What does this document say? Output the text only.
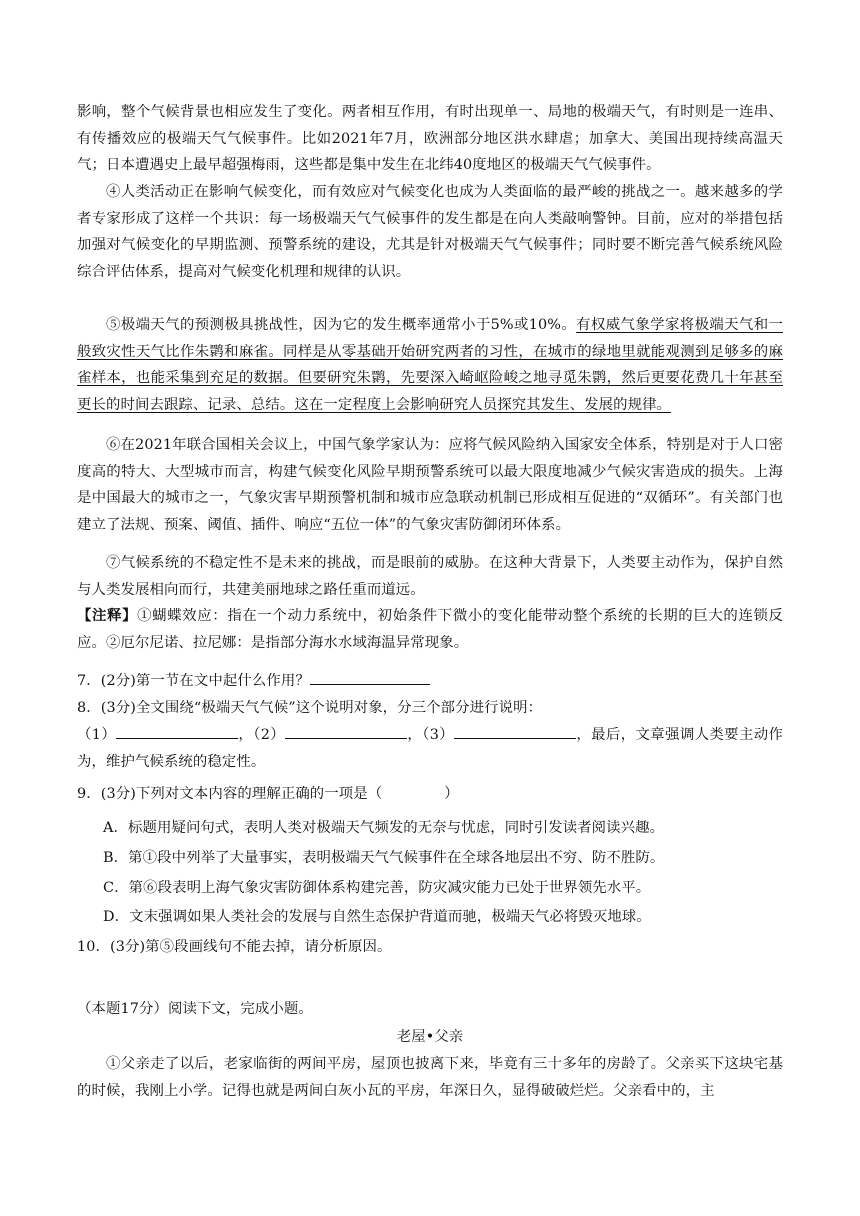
影响，整个气候背景也相应发生了变化。两者相互作用，有时出现单一、局地的极端天气，有时则是一连串、有传播效应的极端天气气候事件。比如2021年7月，欧洲部分地区洪水肆虐；加拿大、美国出现持续高温天气；日本遭遇史上最早超强梅雨，这些都是集中发生在北纬40度地区的极端天气气候事件。

④人类活动正在影响气候变化，而有效应对气候变化也成为人类面临的最严峻的挑战之一。越来越多的学者专家形成了这样一个共识：每一场极端天气气候事件的发生都是在向人类敲响警钟。目前，应对的举措包括加强对气候变化的早期监测、预警系统的建设，尤其是针对极端天气气候事件；同时要不断完善气候系统风险综合评估体系，提高对气候变化机理和规律的认识。

⑤极端天气的预测极具挑战性，因为它的发生概率通常小于5%或10%。有权威气象学家将极端天气和一般致灾性天气比作朱鹮和麻雀。同样是从零基础开始研究两者的习性，在城市的绿地里就能观测到足够多的麻雀样本，也能采集到充足的数据。但要研究朱鹮，先要深入崎岖险峻之地寻觅朱鹮，然后更要花费几十年甚至更长的时间去跟踪、记录、总结。这在一定程度上会影响研究人员探究其发生、发展的规律。

⑥在2021年联合国相关会议上，中国气象学家认为：应将气候风险纳入国家安全体系，特别是对于人口密度高的特大、大型城市而言，构建气候变化风险早期预警系统可以最大限度地减少气候灾害造成的损失。上海是中国最大的城市之一，气象灾害早期预警机制和城市应急联动机制已形成相互促进的“双循环”。有关部门也建立了法规、预案、阈值、插件、响应“五位一体”的气象灾害防御闭环体系。

⑦气候系统的不稳定性不是未来的挑战，而是眼前的威胁。在这种大背景下，人类要主动作为，保护自然与人类发展相向而行，共建美丽地球之路任重而道远。

【注释】①蝴蝶效应：指在一个动力系统中，初始条件下微小的变化能带动整个系统的长期的巨大的连锁反应。②厄尔尼诺、拉尼娜：是指部分海水水域海温异常现象。

7．(2分)第一节在文中起什么作用？

8．(3分)全文围绕“极端天气气候”这个说明对象，分三个部分进行说明：

（1）	，（2）	，（3）	，最后，文章强调人类要主动作为，维护气候系统的稳定性。

9．(3分)下列对文本内容的理解正确的一项是（	）

A．标题用疑问句式，表明人类对极端天气频发的无奈与忧虑，同时引发读者阅读兴趣。

B．第①段中列举了大量事实，表明极端天气气候事件在全球各地层出不穷、防不胜防。

C．第⑥段表明上海气象灾害防御体系构建完善，防灾减灾能力已处于世界领先水平。

D．文末强调如果人类社会的发展与自然生态保护背道而驰，极端天气必将毁灭地球。

10．(3分)第⑤段画线句不能去掉，请分析原因。

（本题17分）阅读下文，完成小题。

老屋•父亲

①父亲走了以后，老家临街的两间平房，屋顶也披离下来，毕竟有三十多年的房龄了。父亲买下这块宅基的时候，我刚上小学。记得也就是两间白灰小瓦的平房，年深日久，显得破破烂烂。父亲看中的，主
